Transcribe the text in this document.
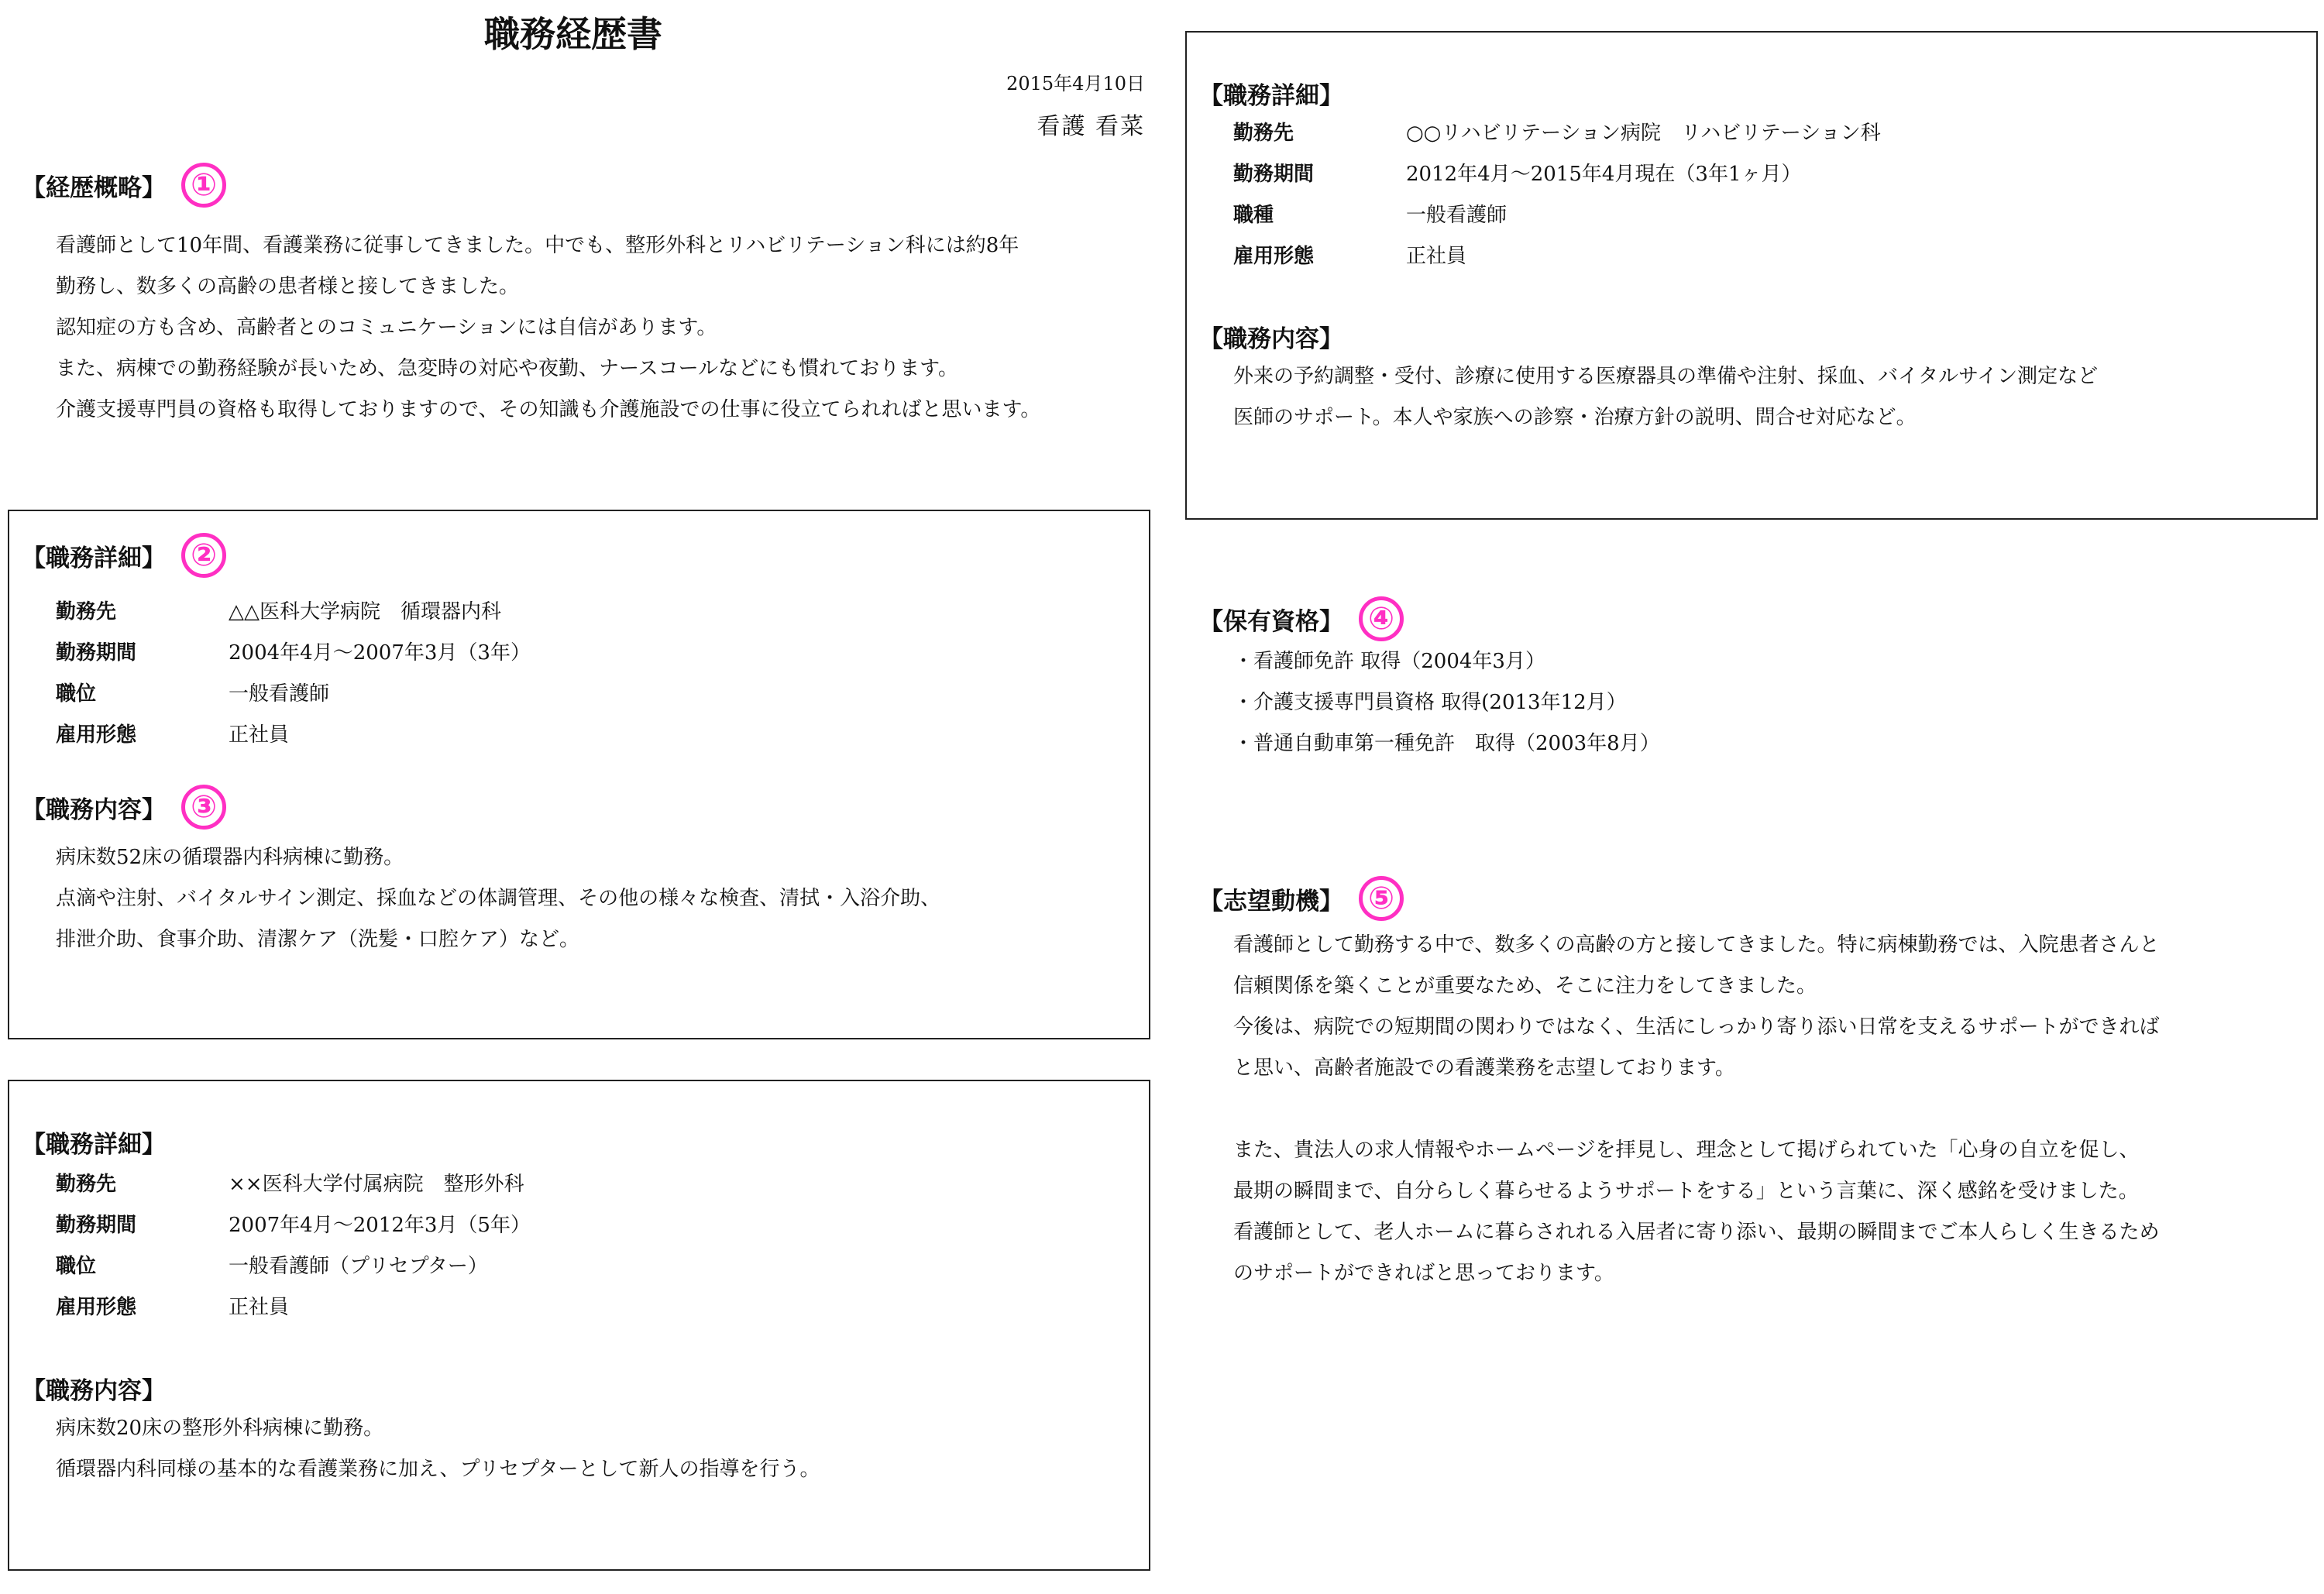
職務経歴書
2015年4月10日
看護 看菜
【経歴概略】 ①
看護師として10年間、看護業務に従事してきました。中でも、整形外科とリハビリテーション科には約8年
勤務し、数多くの高齢の患者様と接してきました。
認知症の方も含め、高齢者とのコミュニケーションには自信があります。
また、病棟での勤務経験が長いため、急変時の対応や夜勤、ナースコールなどにも慣れております。
介護支援専門員の資格も取得しておりますので、その知識も介護施設での仕事に役立てられればと思います。
【職務詳細】 ②
勤務先	△△医科大学病院　循環器内科
勤務期間	2004年4月～2007年3月（3年）
職位	一般看護師
雇用形態	正社員
【職務内容】 ③
病床数52床の循環器内科病棟に勤務。
点滴や注射、バイタルサイン測定、採血などの体調管理、その他の様々な検査、清拭・入浴介助、
排泄介助、食事介助、清潔ケア（洗髪・口腔ケア）など。
【職務詳細】
勤務先	××医科大学付属病院　整形外科
勤務期間	2007年4月～2012年3月（5年）
職位	一般看護師（プリセプター）
雇用形態	正社員
【職務内容】
病床数20床の整形外科病棟に勤務。
循環器内科同様の基本的な看護業務に加え、プリセプターとして新人の指導を行う。
【職務詳細】
勤務先	○○リハビリテーション病院　リハビリテーション科
勤務期間	2012年4月～2015年4月現在（3年1ヶ月）
職種	一般看護師
雇用形態	正社員
【職務内容】
外来の予約調整・受付、診療に使用する医療器具の準備や注射、採血、バイタルサイン測定など
医師のサポート。本人や家族への診察・治療方針の説明、問合せ対応など。
【保有資格】 ④
・看護師免許 取得（2004年3月）
・介護支援専門員資格 取得(2013年12月）
・普通自動車第一種免許　取得（2003年8月）
【志望動機】 ⑤
看護師として勤務する中で、数多くの高齢の方と接してきました。特に病棟勤務では、入院患者さんと
信頼関係を築くことが重要なため、そこに注力をしてきました。
今後は、病院での短期間の関わりではなく、生活にしっかり寄り添い日常を支えるサポートができれば
と思い、高齢者施設での看護業務を志望しております。
また、貴法人の求人情報やホームページを拝見し、理念として掲げられていた「心身の自立を促し、
最期の瞬間まで、自分らしく暮らせるようサポートをする」という言葉に、深く感銘を受けました。
看護師として、老人ホームに暮らされれる入居者に寄り添い、最期の瞬間までご本人らしく生きるため
のサポートができればと思っております。
